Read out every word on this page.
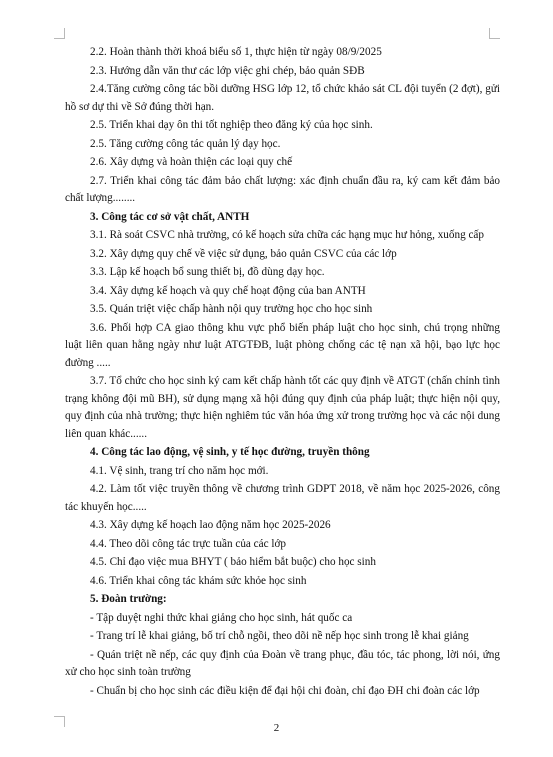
2.2. Hoàn thành thời khoá biểu số 1, thực hiện từ ngày 08/9/2025

2.3. Hướng dẫn văn thư các lớp việc ghi chép, bảo quản SĐB

2.4.Tăng cường công tác bồi dưỡng HSG lớp 12, tổ chức khảo sát CL đội tuyển (2 đợt), gửi hồ sơ dự thi về Sở đúng thời hạn.

2.5. Triển khai dạy ôn thi tốt nghiệp theo đăng ký của học sinh.

2.5. Tăng cường công tác quản lý dạy học.

2.6. Xây dựng và hoàn thiện các loại quy chế

2.7. Triển khai công tác đảm bảo chất lượng: xác định chuẩn đầu ra, ký cam kết đảm bảo chất lượng........

3. Công tác cơ sở vật chất, ANTH

3.1. Rà soát CSVC nhà trường, có kế hoạch sửa chữa các hạng mục hư hỏng, xuống cấp

3.2. Xây dựng quy chế về việc sử dụng, bảo quản CSVC của các lớp

3.3. Lập kế hoạch bổ sung thiết bị, đồ dùng dạy học.

3.4. Xây dựng kế hoạch và quy chế hoạt động của ban ANTH

3.5. Quán triệt việc chấp hành nội quy trường học cho học sinh

3.6. Phối hợp CA giao thông khu vực phổ biến pháp luật cho học sinh, chú trọng những luật liên quan hằng ngày như luật ATGTĐB, luật phòng chống các tệ nạn xã hội, bạo lực học đường .....

3.7. Tổ chức cho học sinh ký cam kết chấp hành tốt các quy định về ATGT (chấn chỉnh tình trạng không đội mũ BH), sử dụng mạng xã hội đúng quy định của pháp luật; thực hiện nội quy, quy định của nhà trường; thực hiện nghiêm túc văn hóa ứng xử trong trường học và các nội dung liên quan khác......

4. Công tác lao động, vệ sinh, y tế học đường, truyền thông

4.1. Vệ sinh, trang trí cho năm học mới.

4.2. Làm tốt việc truyền thông về chương trình GDPT 2018, về năm học 2025-2026, công tác khuyến học.....

4.3. Xây dựng kế hoạch lao động năm học 2025-2026

4.4. Theo dõi công tác trực tuần của các lớp

4.5. Chỉ đạo việc mua BHYT ( bảo hiểm bắt buộc) cho học sinh

4.6. Triển khai công tác khám sức khỏe học sinh

5. Đoàn trường:

- Tập duyệt nghi thức khai giảng cho học sinh, hát quốc ca

- Trang trí lễ khai giảng, bố trí chỗ ngồi, theo dõi nề nếp học sinh trong lễ khai giảng

- Quán triệt nề nếp, các quy định của Đoàn về trang phục, đầu tóc, tác phong, lời nói, ứng xử cho học sinh toàn trường

- Chuẩn bị cho học sinh các điều kiện để đại hội chi đoàn, chỉ đạo ĐH chi đoàn các lớp

2
